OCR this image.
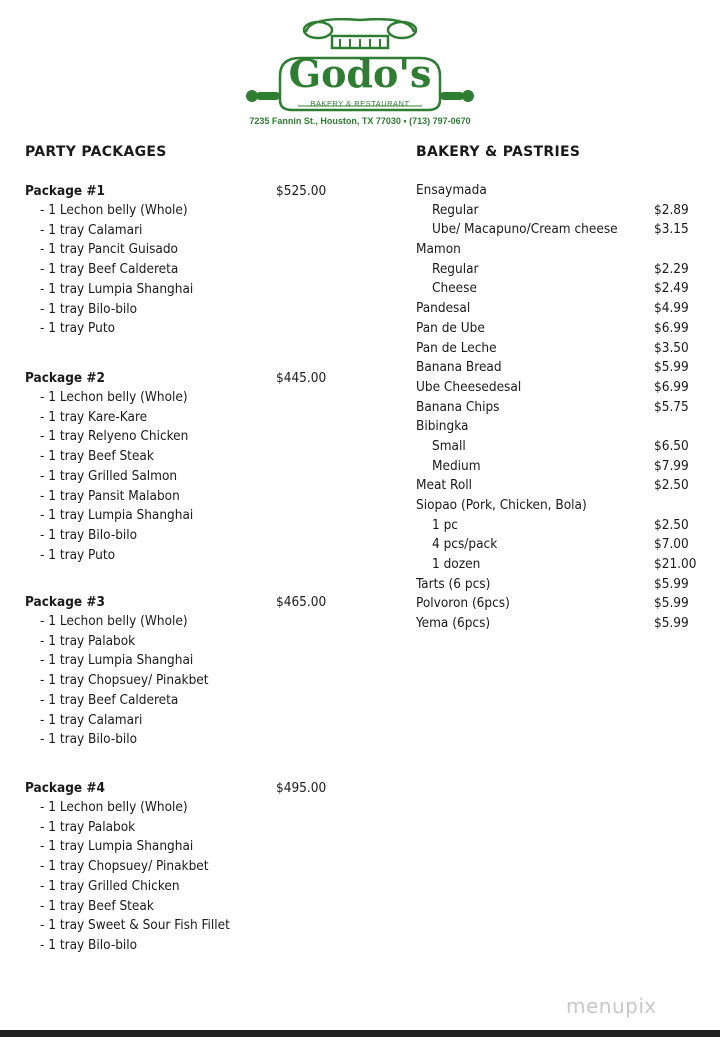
Godo's
BAKERY & RESTAURANT
7235 Fannin St., Houston, TX 77030 • (713) 797-0670
PARTY PACKAGES	BAKERY & PASTRIES
Package #1	$525.00
- 1 Lechon belly (Whole)
- 1 tray Calamari
- 1 tray Pancit Guisado
- 1 tray Beef Caldereta
- 1 tray Lumpia Shanghai
- 1 tray Bilo-bilo
- 1 tray Puto
Package #2	$445.00
- 1 Lechon belly (Whole)
- 1 tray Kare-Kare
- 1 tray Relyeno Chicken
- 1 tray Beef Steak
- 1 tray Grilled Salmon
- 1 tray Pansit Malabon
- 1 tray Lumpia Shanghai
- 1 tray Bilo-bilo
- 1 tray Puto
Package #3	$465.00
- 1 Lechon belly (Whole)
- 1 tray Palabok
- 1 tray Lumpia Shanghai
- 1 tray Chopsuey/ Pinakbet
- 1 tray Beef Caldereta
- 1 tray Calamari
- 1 tray Bilo-bilo
Package #4	$495.00
- 1 Lechon belly (Whole)
- 1 tray Palabok
- 1 tray Lumpia Shanghai
- 1 tray Chopsuey/ Pinakbet
- 1 tray Grilled Chicken
- 1 tray Beef Steak
- 1 tray Sweet & Sour Fish Fillet
- 1 tray Bilo-bilo
Ensaymada
Regular	$2.89
Ube/ Macapuno/Cream cheese	$3.15
Mamon
Regular	$2.29
Cheese	$2.49
Pandesal	$4.99
Pan de Ube	$6.99
Pan de Leche	$3.50
Banana Bread	$5.99
Ube Cheesedesal	$6.99
Banana Chips	$5.75
Bibingka
Small	$6.50
Medium	$7.99
Meat Roll	$2.50
Siopao (Pork, Chicken, Bola)
1 pc	$2.50
4 pcs/pack	$7.00
1 dozen	$21.00
Tarts (6 pcs)	$5.99
Polvoron (6pcs)	$5.99
Yema (6pcs)	$5.99
menupix
